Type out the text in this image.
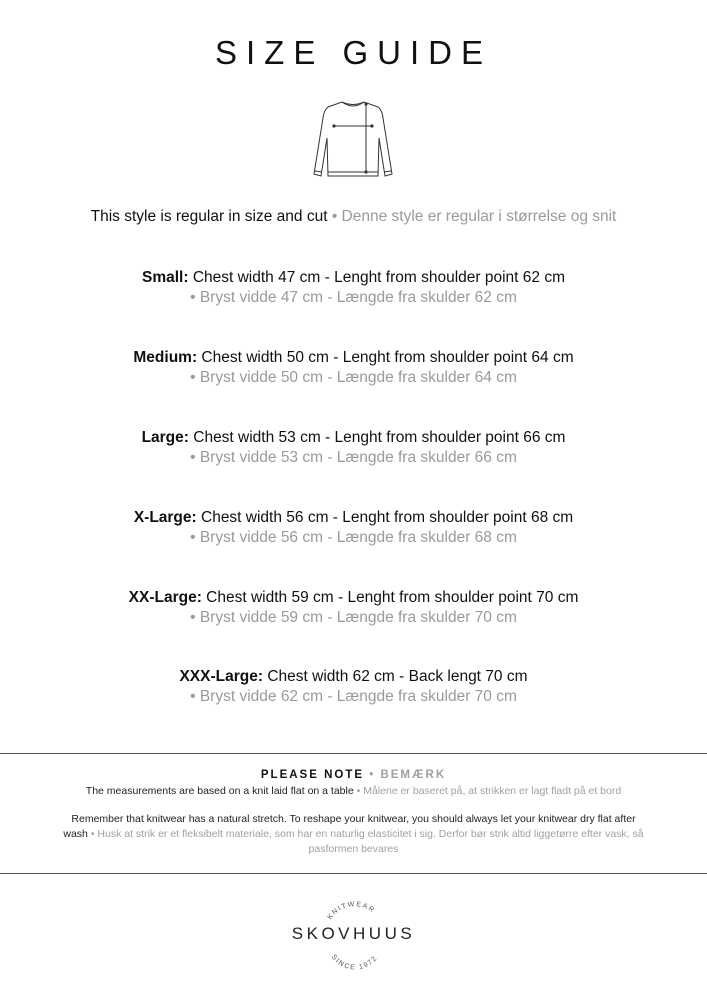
SIZE GUIDE
This style is regular in size and cut • Denne style er regular i størrelse og snit
Small: Chest width 47 cm - Lenght from shoulder point 62 cm
• Bryst vidde 47 cm - Længde fra skulder 62 cm
Medium: Chest width 50 cm - Lenght from shoulder point 64 cm
• Bryst vidde 50 cm - Længde fra skulder 64 cm
Large: Chest width 53 cm - Lenght from shoulder point 66 cm
• Bryst vidde 53 cm - Længde fra skulder 66 cm
X-Large: Chest width 56 cm - Lenght from shoulder point 68 cm
• Bryst vidde 56 cm - Længde fra skulder 68 cm
XX-Large: Chest width 59 cm - Lenght from shoulder point 70 cm
• Bryst vidde 59 cm - Længde fra skulder 70 cm
XXX-Large: Chest width 62 cm - Back lengt 70 cm
• Bryst vidde 62 cm - Længde fra skulder 70 cm
PLEASE NOTE • BEMÆRK
The measurements are based on a knit laid flat on a table • Målene er baseret på, at strikken er lagt fladt på et bord
Remember that knitwear has a natural stretch. To reshape your knitwear, you should always let your knitwear dry flat after wash • Husk at strik er et fleksibelt materiale, som har en naturlig elasticitet i sig. Derfor bør strik altid liggetørre efter vask, så pasformen bevares
KNITWEAR
SINCE 1972
SKOVHUUS
